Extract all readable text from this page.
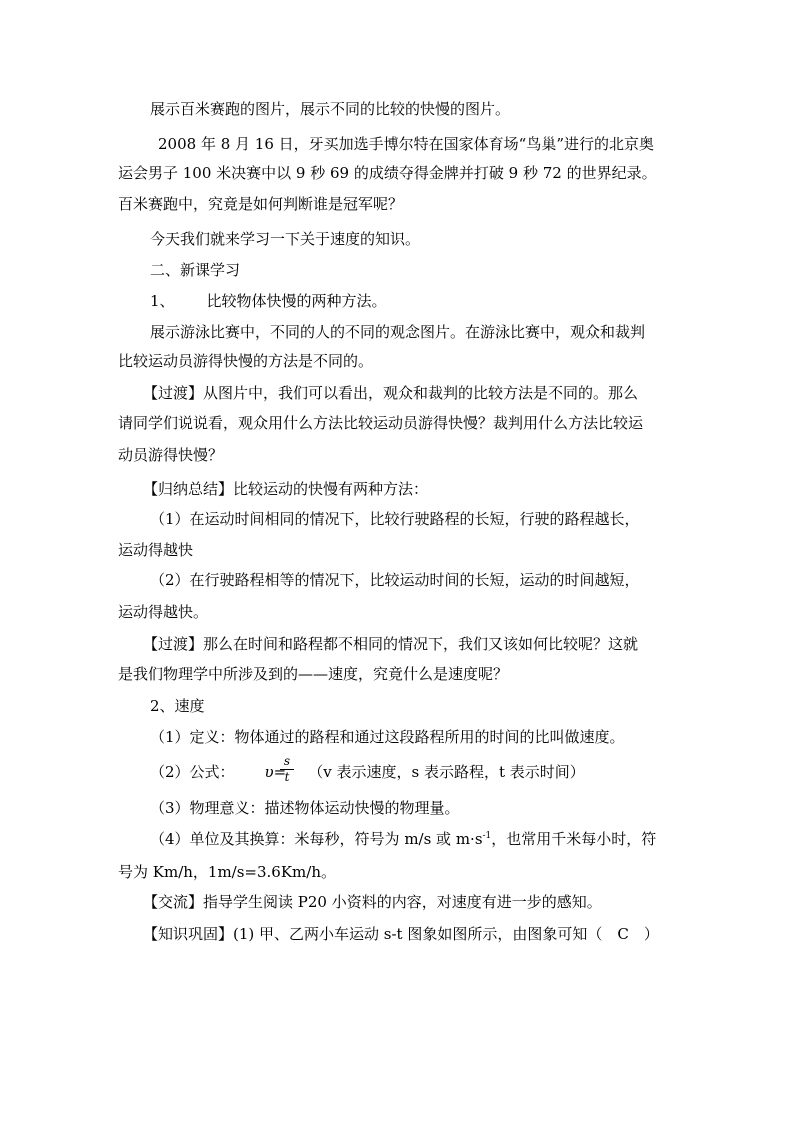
展示百米赛跑的图片，展示不同的比较的快慢的图片。
2008 年 8 月 16 日，牙买加选手博尔特在国家体育场“鸟巢”进行的北京奥
运会男子 100 米决赛中以 9 秒 69 的成绩夺得金牌并打破 9 秒 72 的世界纪录。
百米赛跑中，究竟是如何判断谁是冠军呢？
今天我们就来学习一下关于速度的知识。
二、新课学习
1、 比较物体快慢的两种方法。
展示游泳比赛中，不同的人的不同的观念图片。在游泳比赛中，观众和裁判
比较运动员游得快慢的方法是不同的。
【过渡】从图片中，我们可以看出，观众和裁判的比较方法是不同的。那么
请同学们说说看，观众用什么方法比较运动员游得快慢？裁判用什么方法比较运
动员游得快慢？
【归纳总结】比较运动的快慢有两种方法：
（1）在运动时间相同的情况下，比较行驶路程的长短，行驶的路程越长，
运动得越快
（2）在行驶路程相等的情况下，比较运动时间的长短，运动的时间越短，
运动得越快。
【过渡】那么在时间和路程都不相同的情况下，我们又该如何比较呢？这就
是我们物理学中所涉及到的——速度，究竟什么是速度呢？
2、速度
（1）定义：物体通过的路程和通过这段路程所用的时间的比叫做速度。
（2）公式： υ= （v 表示速度，s 表示路程，t 表示时间）
s
t
（3）物理意义：描述物体运动快慢的物理量。
（4）单位及其换算：米每秒，符号为 m/s 或 $m\cdot s^{-1}$，也常用千米每小时，符
号为 Km/h，1m/s=3.6Km/h。
【交流】指导学生阅读 P20 小资料的内容，对速度有进一步的感知。
【知识巩固】(1) 甲、乙两小车运动 s-t 图象如图所示，由图象可知（　C　）
